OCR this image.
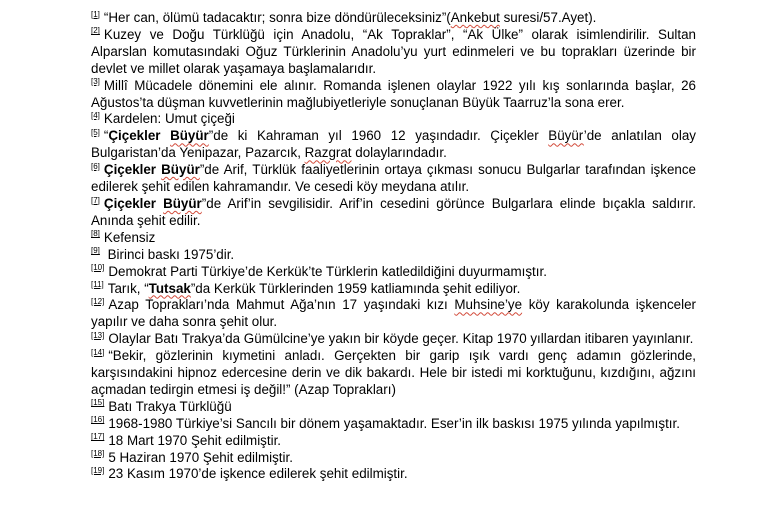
[1] “Her can, ölümü tadacaktır; sonra bize döndürüleceksiniz”(Ankebut suresi/57.Ayet).
[2] Kuzey ve Doğu Türklüğü için Anadolu, “Ak Topraklar”, “Ak Ülke” olarak isimlendirilir. Sultan Alparslan komutasındaki Oğuz Türklerinin Anadolu’yu yurt edinmeleri ve bu toprakları üzerinde bir devlet ve millet olarak yaşamaya başlamalarıdır.
[3] Millî Mücadele dönemini ele alınır. Romanda işlenen olaylar 1922 yılı kış sonlarında başlar, 26 Ağustos’ta düşman kuvvetlerinin mağlubiyetleriyle sonuçlanan Büyük Taarruz’la sona erer.
[4] Kardelen: Umut çiçeği
[5] “Çiçekler Büyür”de ki Kahraman yıl 1960 12 yaşındadır. Çiçekler Büyür’de anlatılan olay Bulgaristan’da Yenipazar, Pazarcık, Razgrat dolaylarındadır.
[6] Çiçekler Büyür”de Arif, Türklük faaliyetlerinin ortaya çıkması sonucu Bulgarlar tarafından işkence edilerek şehit edilen kahramandır. Ve cesedi köy meydana atılır.
[7] Çiçekler Büyür”de Arif’in sevgilisidir. Arif’in cesedini görünce Bulgarlara elinde bıçakla saldırır. Anında şehit edilir.
[8] Kefensiz
[9] Birinci baskı 1975’dir.
[10] Demokrat Parti Türkiye’de Kerkük’te Türklerin katledildiğini duyurmamıştır.
[11] Tarık, “Tutsak”da Kerkük Türklerinden 1959 katliamında şehit ediliyor.
[12] Azap Toprakları’nda Mahmut Ağa’nın 17 yaşındaki kızı Muhsine’ye köy karakolunda işkenceler yapılır ve daha sonra şehit olur.
[13] Olaylar Batı Trakya’da Gümülcine’ye yakın bir köyde geçer. Kitap 1970 yıllardan itibaren yayınlanır.
[14] “Bekir, gözlerinin kıymetini anladı. Gerçekten bir garip ışık vardı genç adamın gözlerinde, karşısındakini hipnoz edercesine derin ve dik bakardı. Hele bir istedi mi korktuğunu, kızdığını, ağzını açmadan tedirgin etmesi iş değil!” (Azap Toprakları)
[15] Batı Trakya Türklüğü
[16] 1968-1980 Türkiye’si Sancılı bir dönem yaşamaktadır. Eser’in ilk baskısı 1975 yılında yapılmıştır.
[17] 18 Mart 1970 Şehit edilmiştir.
[18] 5 Haziran 1970 Şehit edilmiştir.
[19] 23 Kasım 1970’de işkence edilerek şehit edilmiştir.
